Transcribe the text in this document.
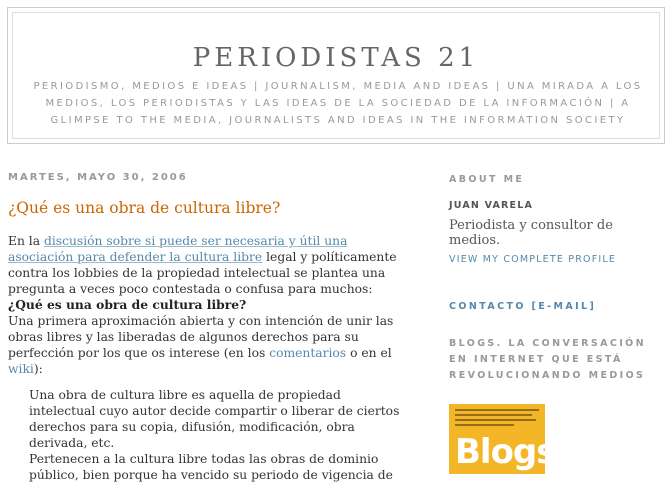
PERIODISTAS 21
PERIODISMO, MEDIOS E IDEAS | JOURNALISM, MEDIA AND IDEAS | UNA MIRADA A LOS MEDIOS, LOS PERIODISTAS Y LAS IDEAS DE LA SOCIEDAD DE LA INFORMACIÓN | A GLIMPSE TO THE MEDIA, JOURNALISTS AND IDEAS IN THE INFORMATION SOCIETY
MARTES, MAYO 30, 2006
¿Qué es una obra de cultura libre?
En la discusión sobre si puede ser necesaria y útil una asociación para defender la cultura libre legal y políticamente contra los lobbies de la propiedad intelectual se plantea una pregunta a veces poco contestada o confusa para muchos:
¿Qué es una obra de cultura libre?
Una primera aproximación abierta y con intención de unir las obras libres y las liberadas de algunos derechos para su perfección por los que os interese (en los comentarios o en el wiki):
Una obra de cultura libre es aquella de propiedad intelectual cuyo autor decide compartir o liberar de ciertos derechos para su copia, difusión, modificación, obra derivada, etc.
Pertenecen a la cultura libre todas las obras de dominio público, bien porque ha vencido su periodo de vigencia de
ABOUT ME
JUAN VARELA
Periodista y consultor de medios.
VIEW MY COMPLETE PROFILE
CONTACTO [E-MAIL]
BLOGS. LA CONVERSACIÓN EN INTERNET QUE ESTÁ REVOLUCIONANDO MEDIOS
Blogs
